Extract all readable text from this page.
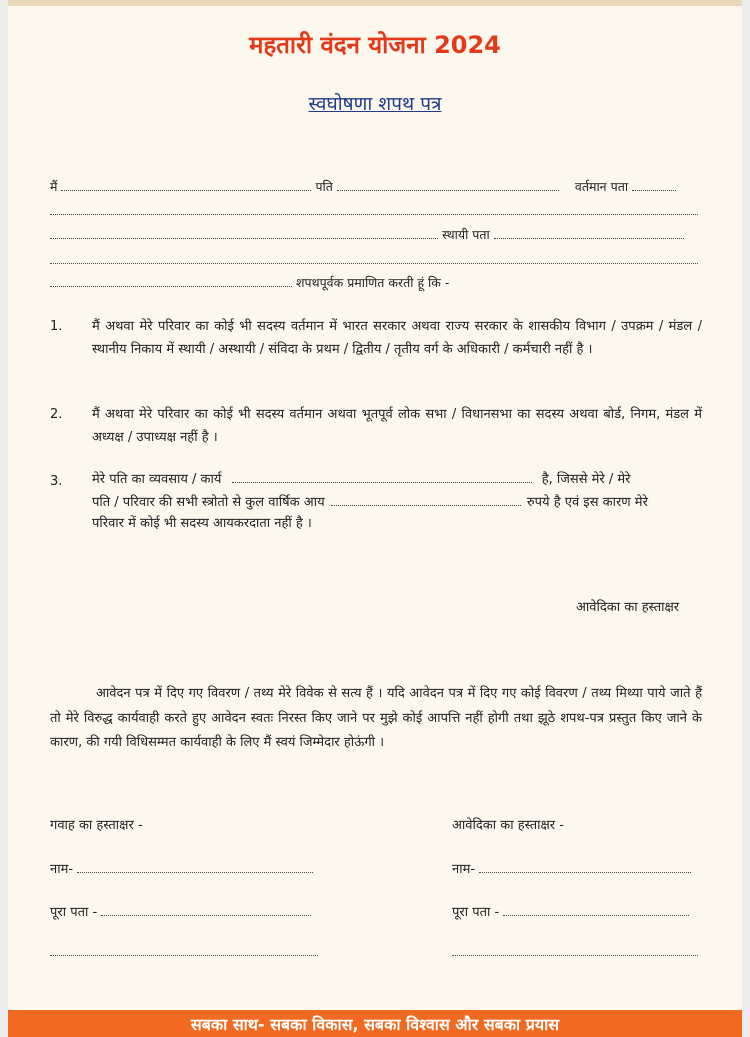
महतारी वंदन योजना 2024
स्वघोषणा शपथ पत्र
मैं	पति	वर्तमान पता
स्थायी पता
शपथपूर्वक प्रमाणित करती हूं कि -
1. मैं अथवा मेरे परिवार का कोई भी सदस्य वर्तमान में भारत सरकार अथवा राज्य सरकार के शासकीय विभाग / उपक्रम / मंडल / स्थानीय निकाय में स्थायी / अस्थायी / संविदा के प्रथम / द्वितीय / तृतीय वर्ग के अधिकारी / कर्मचारी नहीं है ।
2. मैं अथवा मेरे परिवार का कोई भी सदस्य वर्तमान अथवा भूतपूर्व लोक सभा / विधानसभा का सदस्य अथवा बोर्ड, निगम, मंडल में अध्यक्ष / उपाध्यक्ष नहीं है ।
3. मेरे पति का व्यवसाय / कार्य	है, जिससे मेरे / मेरे
पति / परिवार की सभी स्त्रोतो से कुल वार्षिक आय	रुपये है एवं इस कारण मेरे
परिवार में कोई भी सदस्य आयकरदाता नहीं है ।
आवेदिका का हस्ताक्षर
आवेदन पत्र में दिए गए विवरण / तथ्य मेरे विवेक से सत्य हैं । यदि आवेदन पत्र में दिए गए कोई विवरण / तथ्य मिथ्या पाये जाते हैं तो मेरे विरुद्ध कार्यवाही करते हुए आवेदन स्वतः निरस्त किए जाने पर मुझे कोई आपत्ति नहीं होगी तथा झूठे शपथ-पत्र प्रस्तुत किए जाने के कारण, की गयी विधिसम्मत कार्यवाही के लिए मैं स्वयं जिम्मेदार होऊंगी ।
गवाह का हस्ताक्षर -
नाम-
पूरा पता -
आवेदिका का हस्ताक्षर -
नाम-
पूरा पता -
सबका साथ- सबका विकास, सबका विश्वास और सबका प्रयास
